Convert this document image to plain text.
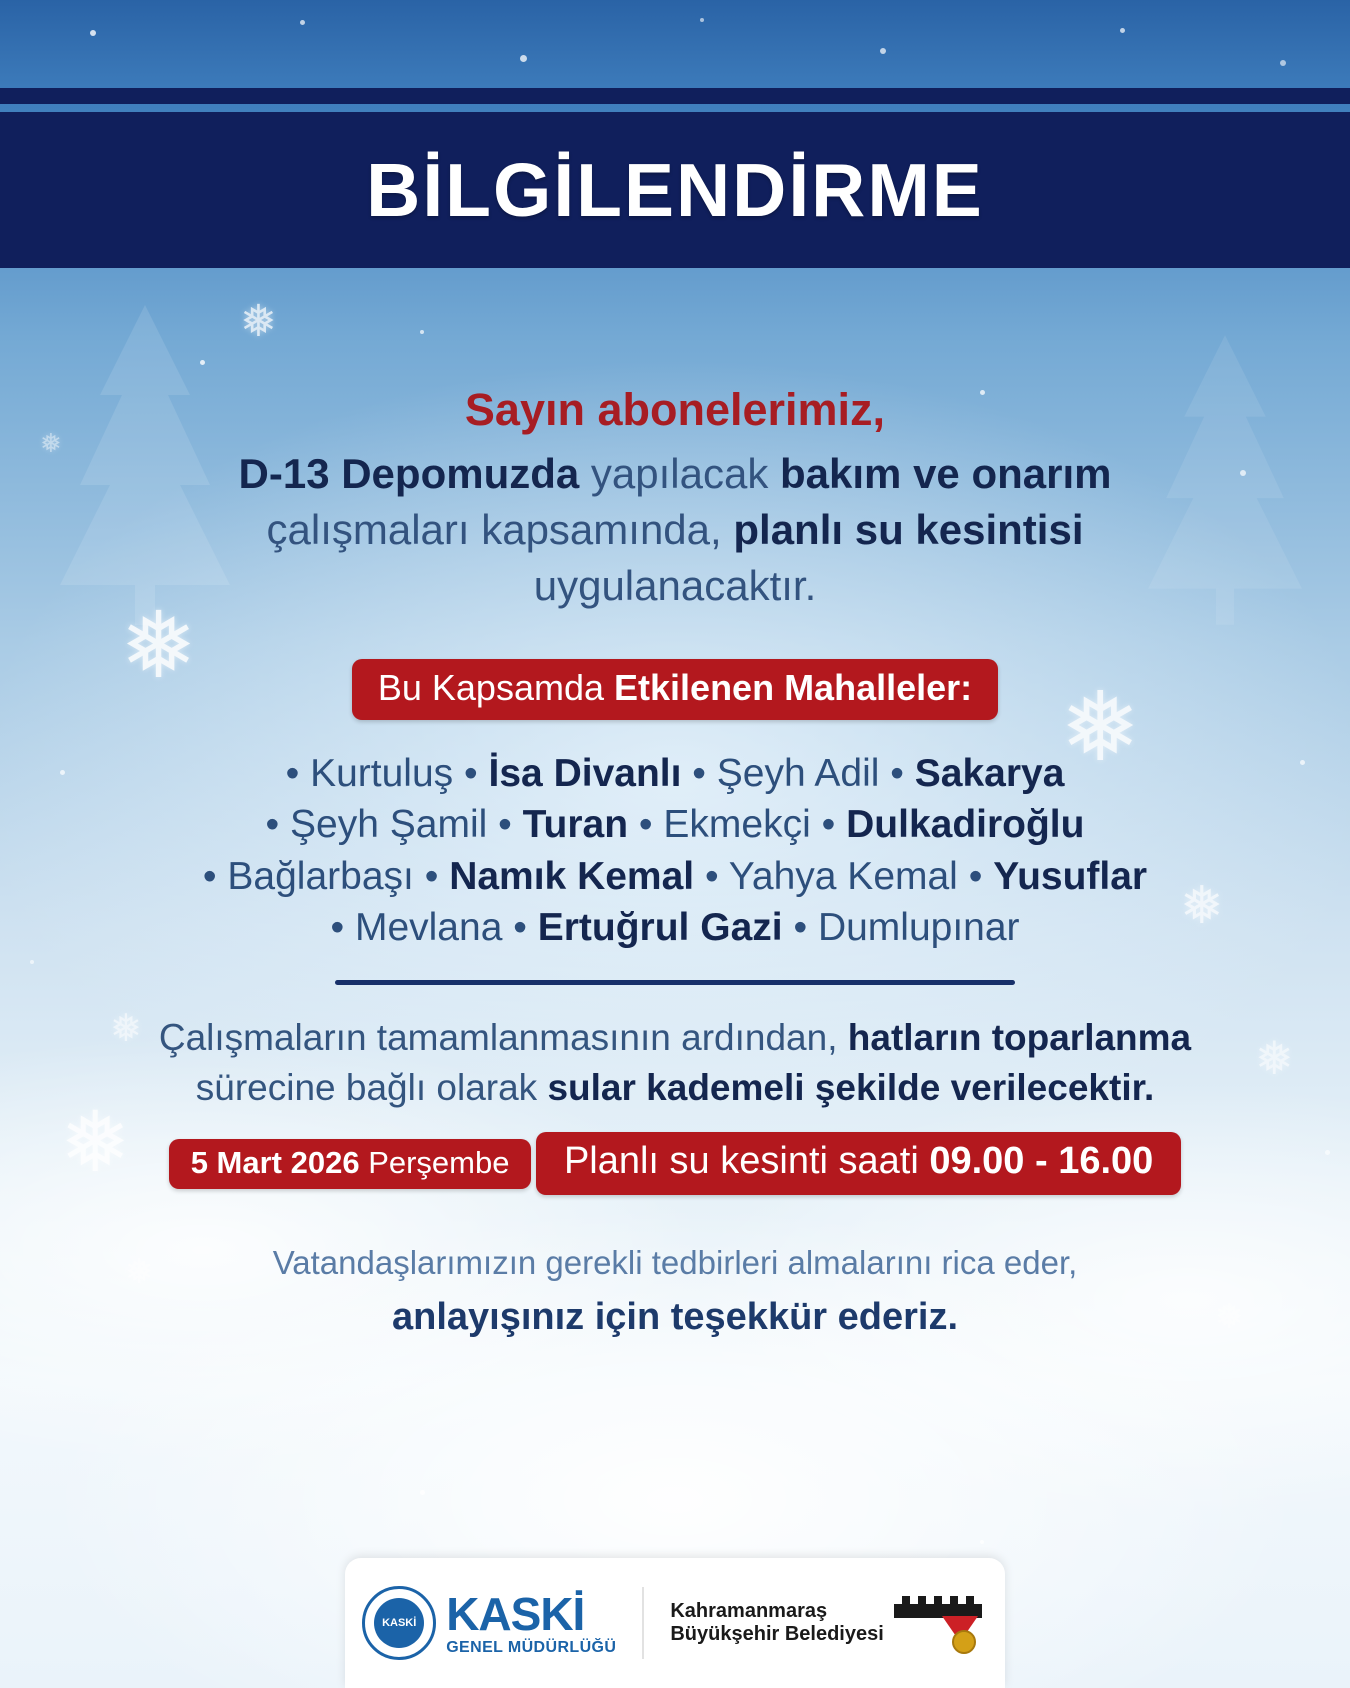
❅
❅
❅
❅
❅
❅
❅
❅
❅
❅
BİLGİLENDİRME
Sayın abonelerimiz,
D-13 Depomuzda yapılacak bakım ve onarım
çalışmaları kapsamında, planlı su kesintisi
uygulanacaktır.
Bu Kapsamda Etkilenen Mahalleler:
• Kurtuluş • İsa Divanlı • Şeyh Adil • Sakarya
• Şeyh Şamil • Turan • Ekmekçi • Dulkadiroğlu
• Bağlarbaşı • Namık Kemal • Yahya Kemal • Yusuflar
• Mevlana • Ertuğrul Gazi • Dumlupınar
Çalışmaların tamamlanmasının ardından, hatların toparlanma
sürecine bağlı olarak sular kademeli şekilde verilecektir.
5 Mart 2026 Perşembe Planlı su kesinti saati 09.00 - 16.00
Vatandaşlarımızın gerekli tedbirleri almalarını rica eder,
anlayışınız için teşekkür ederiz.
KASKİ KASKİ
GENEL MÜDÜRLÜĞÜ
Kahramanmaraş
Büyükşehir Belediyesi
